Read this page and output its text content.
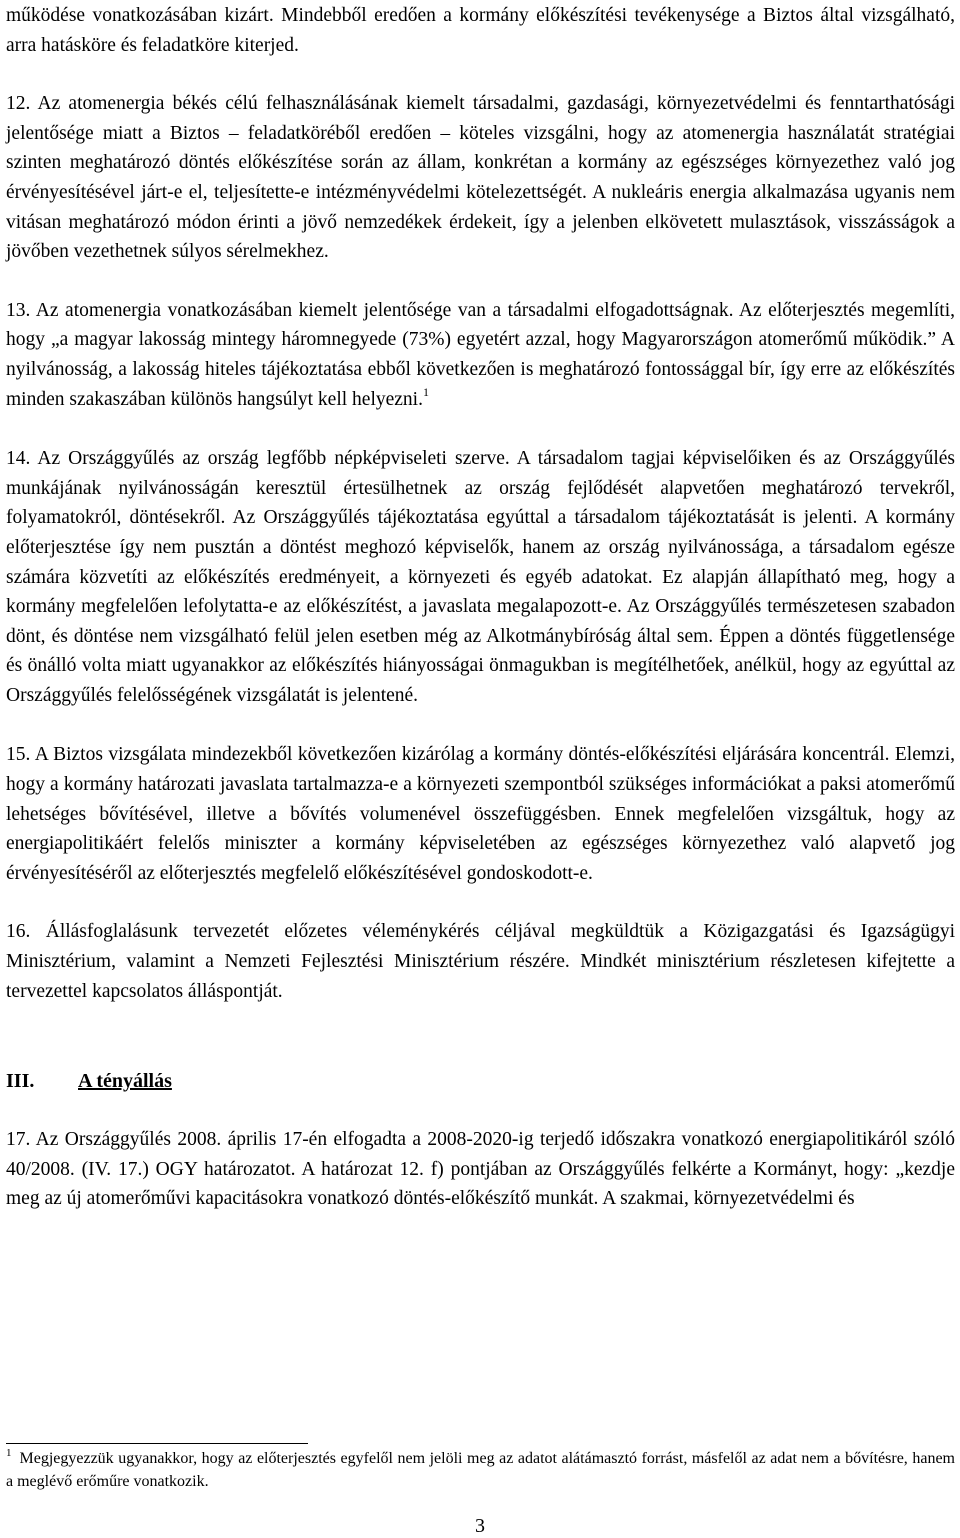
működése vonatkozásában kizárt. Mindebből eredően a kormány előkészítési tevékenysége a Biztos által vizsgálható, arra hatásköre és feladatköre kiterjed.

12. Az atomenergia békés célú felhasználásának kiemelt társadalmi, gazdasági, környezetvédelmi és fenntarthatósági jelentősége miatt a Biztos – feladatköréből eredően – köteles vizsgálni, hogy az atomenergia használatát stratégiai szinten meghatározó döntés előkészítése során az állam, konkrétan a kormány az egészséges környezethez való jog érvényesítésével járt-e el, teljesítette-e intézményvédelmi kötelezettségét. A nukleáris energia alkalmazása ugyanis nem vitásan meghatározó módon érinti a jövő nemzedékek érdekeit, így a jelenben elkövetett mulasztások, visszásságok a jövőben vezethetnek súlyos sérelmekhez.

13. Az atomenergia vonatkozásában kiemelt jelentősége van a társadalmi elfogadottságnak. Az előterjesztés megemlíti, hogy „a magyar lakosság mintegy háromnegyede (73%) egyetért azzal, hogy Magyarországon atomerőmű működik.” A nyilvánosság, a lakosság hiteles tájékoztatása ebből következően is meghatározó fontossággal bír, így erre az előkészítés minden szakaszában különös hangsúlyt kell helyezni.$^1$

14. Az Országgyűlés az ország legfőbb népképviseleti szerve. A társadalom tagjai képviselőiken és az Országgyűlés munkájának nyilvánosságán keresztül értesülhetnek az ország fejlődését alapvetően meghatározó tervekről, folyamatokról, döntésekről. Az Országgyűlés tájékoztatása egyúttal a társadalom tájékoztatását is jelenti. A kormány előterjesztése így nem pusztán a döntést meghozó képviselők, hanem az ország nyilvánossága, a társadalom egésze számára közvetíti az előkészítés eredményeit, a környezeti és egyéb adatokat. Ez alapján állapítható meg, hogy a kormány megfelelően lefolytatta-e az előkészítést, a javaslata megalapozott-e. Az Országgyűlés természetesen szabadon dönt, és döntése nem vizsgálható felül jelen esetben még az Alkotmánybíróság által sem. Éppen a döntés függetlensége és önálló volta miatt ugyanakkor az előkészítés hiányosságai önmagukban is megítélhetőek, anélkül, hogy az egyúttal az Országgyűlés felelősségének vizsgálatát is jelentené.

15. A Biztos vizsgálata mindezekből következően kizárólag a kormány döntés-előkészítési eljárására koncentrál. Elemzi, hogy a kormány határozati javaslata tartalmazza-e a környezeti szempontból szükséges információkat a paksi atomerőmű lehetséges bővítésével, illetve a bővítés volumenével összefüggésben. Ennek megfelelően vizsgáltuk, hogy az energiapolitikáért felelős miniszter a kormány képviseletében az egészséges környezethez való alapvető jog érvényesítéséről az előterjesztés megfelelő előkészítésével gondoskodott-e.

16. Állásfoglalásunk tervezetét előzetes véleménykérés céljával megküldtük a Közigazgatási és Igazságügyi Minisztérium, valamint a Nemzeti Fejlesztési Minisztérium részére. Mindkét minisztérium részletesen kifejtette a tervezettel kapcsolatos álláspontját.

III.	A tényállás

17. Az Országgyűlés 2008. április 17-én elfogadta a 2008-2020-ig terjedő időszakra vonatkozó energiapolitikáról szóló 40/2008. (IV. 17.) OGY határozatot. A határozat 12. f) pontjában az Országgyűlés felkérte a Kormányt, hogy: „kezdje meg az új atomerőművi kapacitásokra vonatkozó döntés-előkészítő munkát. A szakmai, környezetvédelmi és

$^1$ Megjegyezzük ugyanakkor, hogy az előterjesztés egyfelől nem jelöli meg az adatot alátámasztó forrást, másfelől az adat nem a bővítésre, hanem a meglévő erőműre vonatkozik.

3
